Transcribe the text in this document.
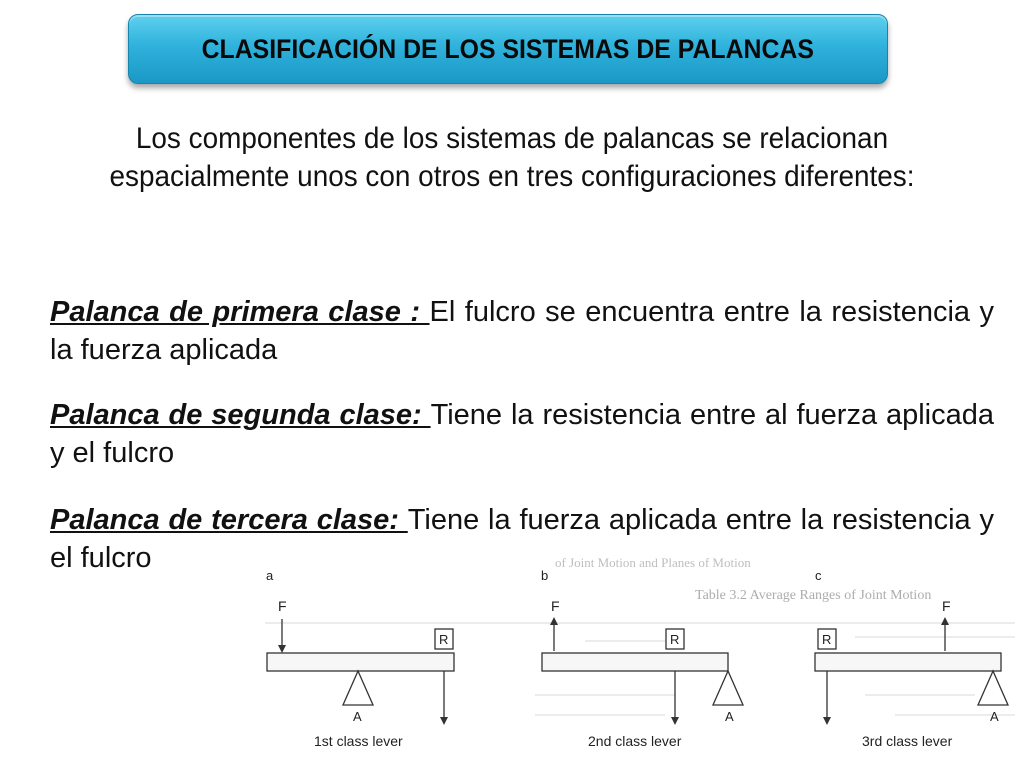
CLASIFICACIÓN DE LOS SISTEMAS DE PALANCAS
Los componentes de los sistemas de palancas se relacionan espacialmente unos con otros en tres configuraciones diferentes:
Palanca de primera clase : El fulcro se encuentra entre la resistencia y la fuerza aplicada
Palanca de segunda clase: Tiene la resistencia entre al fuerza aplicada y el fulcro
Palanca de tercera clase: Tiene la fuerza aplicada entre la resistencia y el fulcro	of Joint Motion and Planes of Motion
Table 3.2 Average Ranges of Joint Motion
a
F
R
A
1st class lever
b
F
R
A
2nd class lever
c
F
R
A
3rd class lever
